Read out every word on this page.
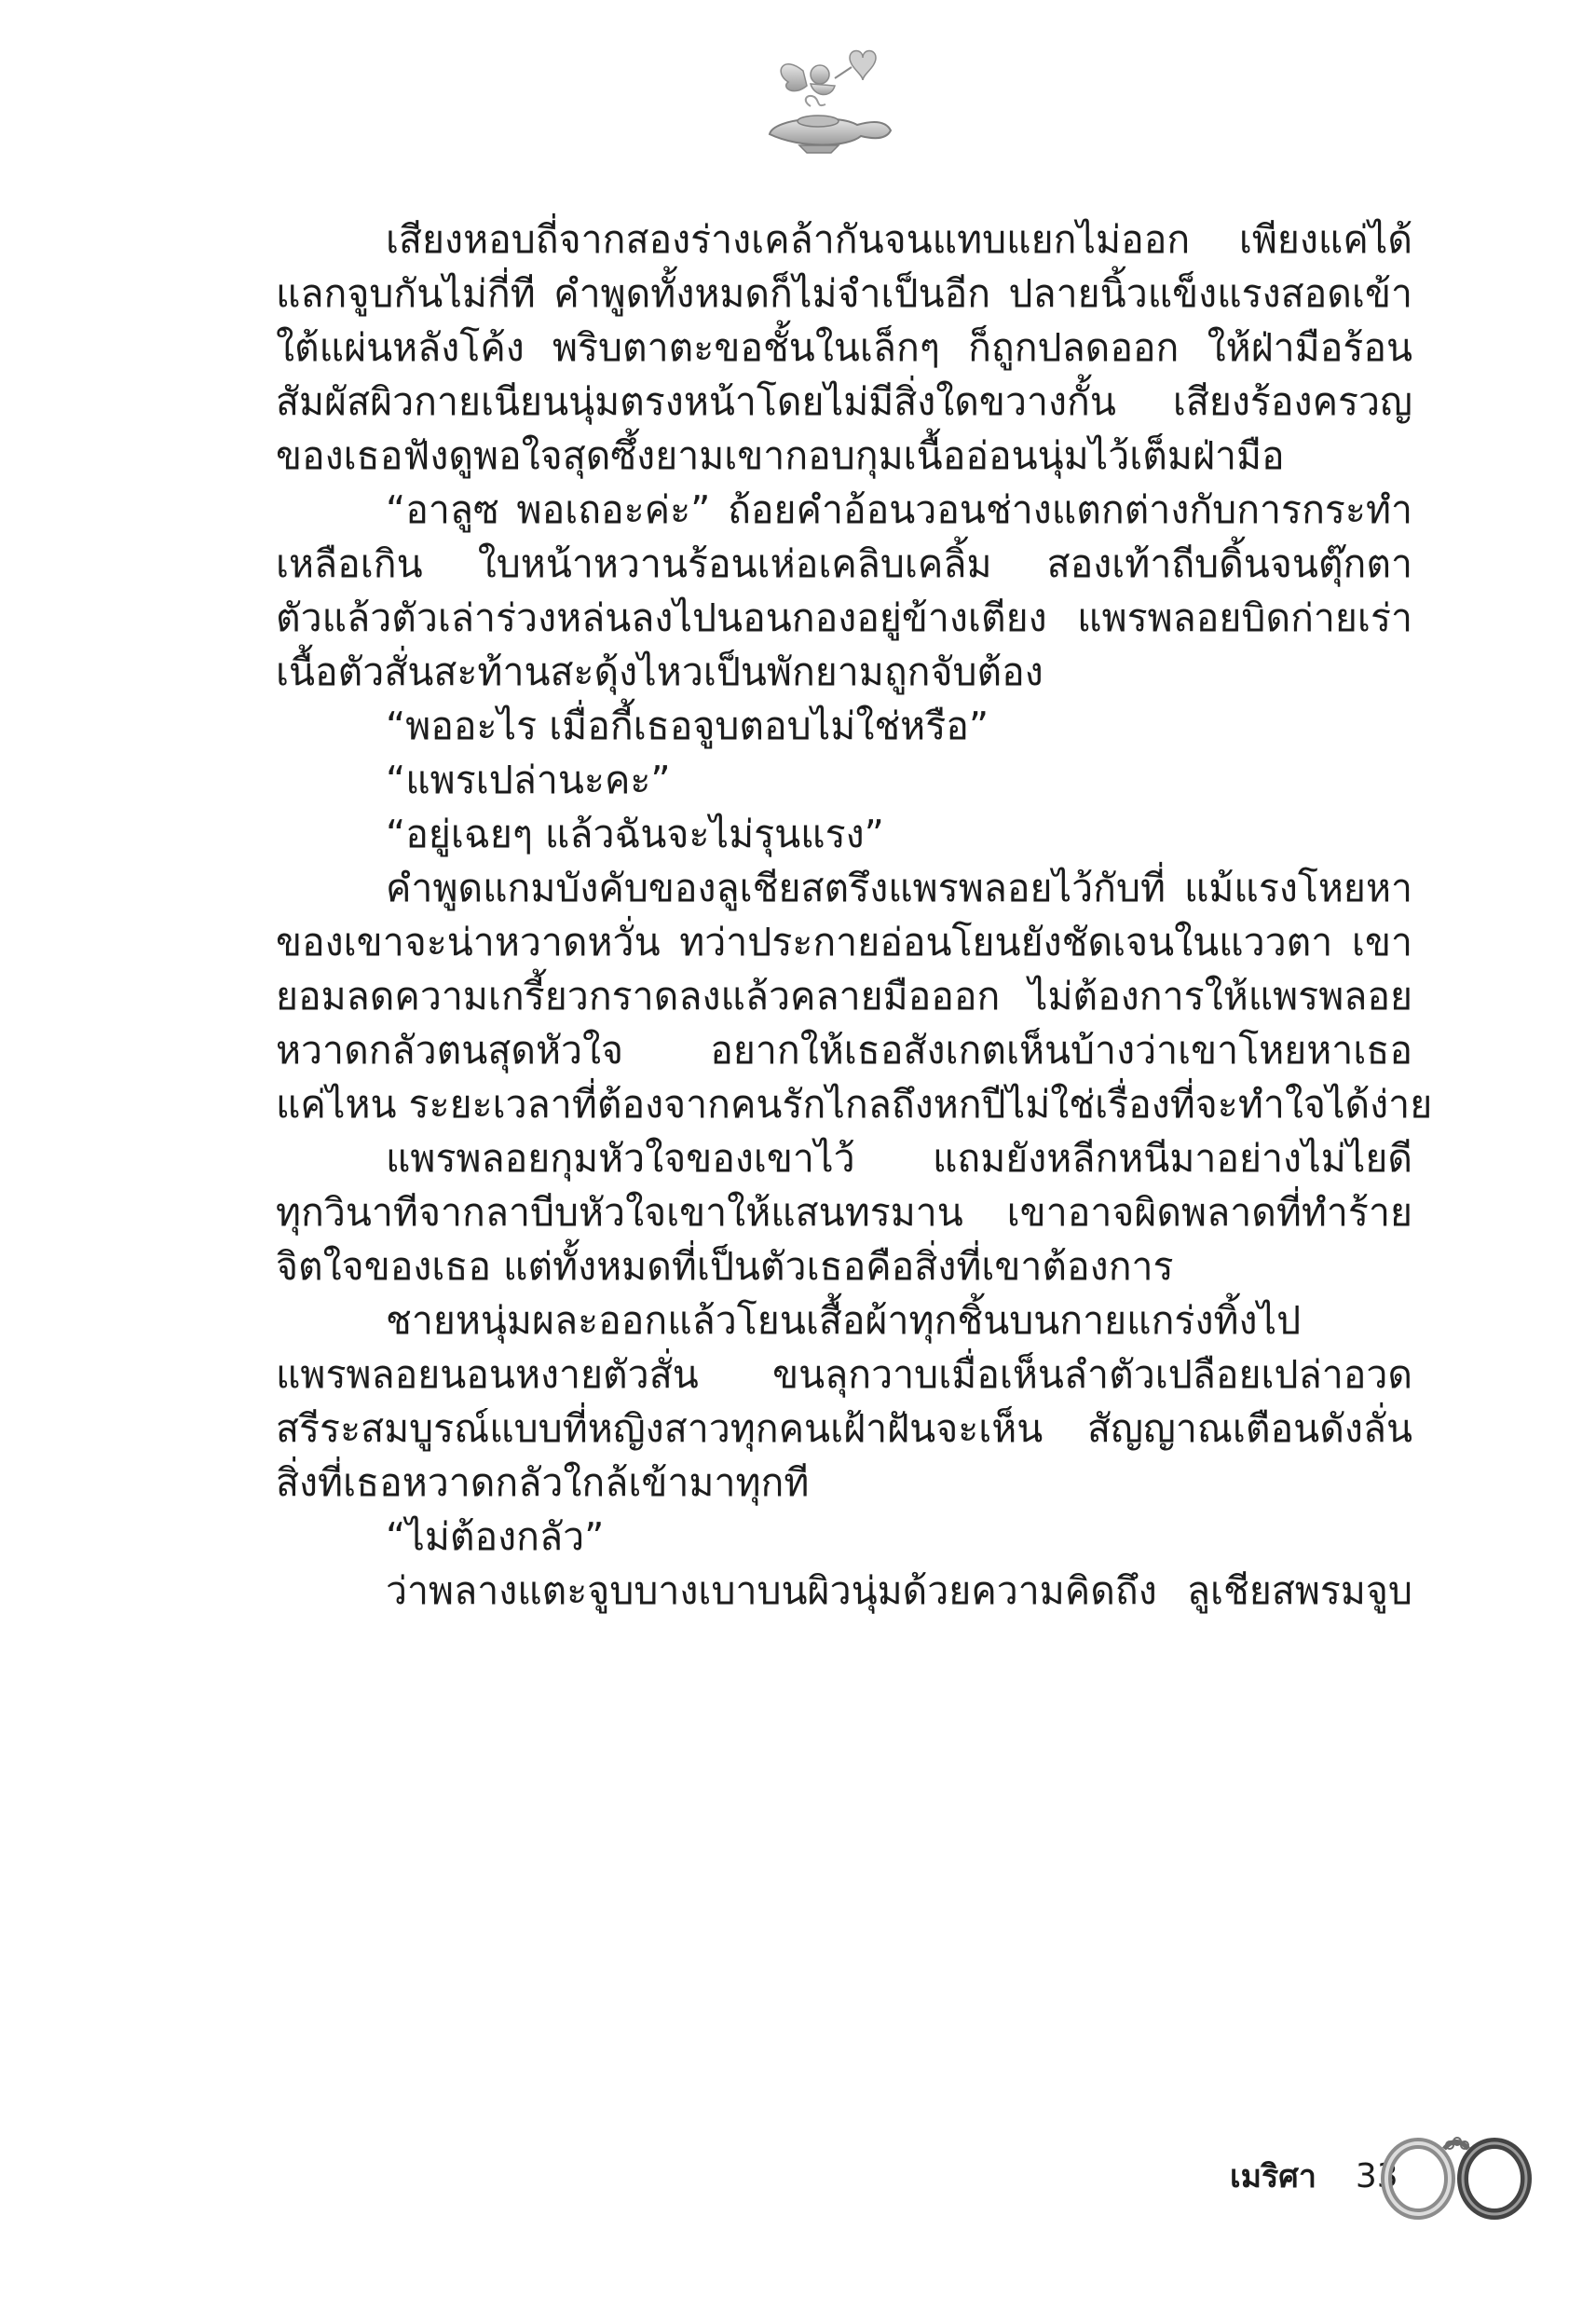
เสียงหอบถี่จากสองร่างเคล้ากันจนแทบแยกไม่ออก เพียงแค่ได้
แลกจูบกันไม่กี่ที คำพูดทั้งหมดก็ไม่จำเป็นอีก ปลายนิ้วแข็งแรงสอดเข้า
ใต้แผ่นหลังโค้ง พริบตาตะขอชั้นในเล็กๆ ก็ถูกปลดออก ให้ฝ่ามือร้อน
สัมผัสผิวกายเนียนนุ่มตรงหน้าโดยไม่มีสิ่งใดขวางกั้น เสียงร้องครวญ
ของเธอฟังดูพอใจสุดซึ้งยามเขากอบกุมเนื้ออ่อนนุ่มไว้เต็มฝ่ามือ
“อาลูซ พอเถอะค่ะ” ถ้อยคำอ้อนวอนช่างแตกต่างกับการกระทำ
เหลือเกิน ใบหน้าหวานร้อนเห่อเคลิบเคลิ้ม สองเท้าถีบดิ้นจนตุ๊กตา
ตัวแล้วตัวเล่าร่วงหล่นลงไปนอนกองอยู่ข้างเตียง แพรพลอยบิดก่ายเร่า
เนื้อตัวสั่นสะท้านสะดุ้งไหวเป็นพักยามถูกจับต้อง
“พออะไร เมื่อกี้เธอจูบตอบไม่ใช่หรือ”
“แพรเปล่านะคะ”
“อยู่เฉยๆ แล้วฉันจะไม่รุนแรง”
คำพูดแกมบังคับของลูเชียสตรึงแพรพลอยไว้กับที่ แม้แรงโหยหา
ของเขาจะน่าหวาดหวั่น ทว่าประกายอ่อนโยนยังชัดเจนในแววตา เขา
ยอมลดความเกรี้ยวกราดลงแล้วคลายมือออก ไม่ต้องการให้แพรพลอย
หวาดกลัวตนสุดหัวใจ อยากให้เธอสังเกตเห็นบ้างว่าเขาโหยหาเธอ
แค่ไหน ระยะเวลาที่ต้องจากคนรักไกลถึงหกปีไม่ใช่เรื่องที่จะทำใจได้ง่าย
แพรพลอยกุมหัวใจของเขาไว้ แถมยังหลีกหนีมาอย่างไม่ไยดี
ทุกวินาทีจากลาบีบหัวใจเขาให้แสนทรมาน เขาอาจผิดพลาดที่ทำร้าย
จิตใจของเธอ แต่ทั้งหมดที่เป็นตัวเธอคือสิ่งที่เขาต้องการ
ชายหนุ่มผละออกแล้วโยนเสื้อผ้าทุกชิ้นบนกายแกร่งทิ้งไป
แพรพลอยนอนหงายตัวสั่น ขนลุกวาบเมื่อเห็นลำตัวเปลือยเปล่าอวด
สรีระสมบูรณ์แบบที่หญิงสาวทุกคนเฝ้าฝันจะเห็น สัญญาณเตือนดังลั่น
สิ่งที่เธอหวาดกลัวใกล้เข้ามาทุกที
“ไม่ต้องกลัว”
ว่าพลางแตะจูบบางเบาบนผิวนุ่มด้วยความคิดถึง ลูเชียสพรมจูบ
เมริศา 33
